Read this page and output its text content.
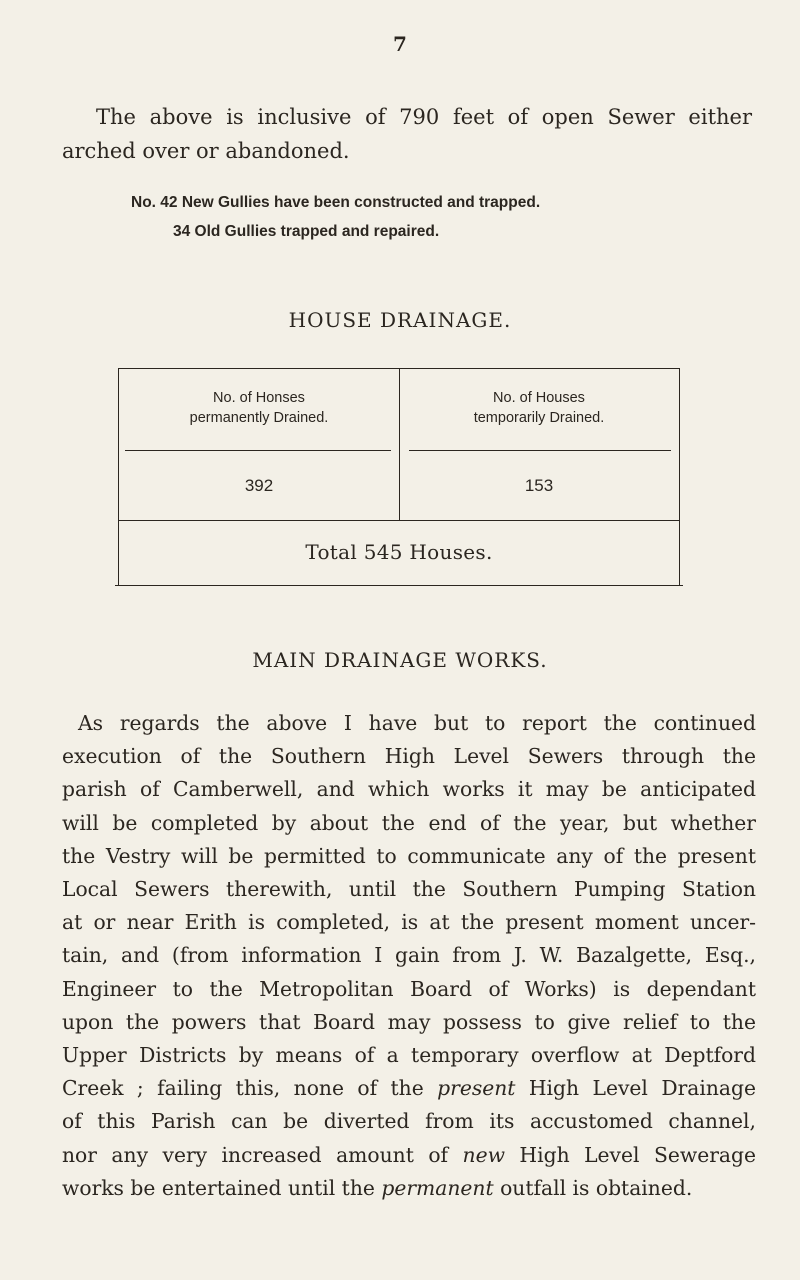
7
The above is inclusive of 790 feet of open Sewer either
arched over or abandoned.
No. 42 New Gullies have been constructed and trapped.
34 Old Gullies trapped and repaired.
HOUSE DRAINAGE.
No. of Honses
permanently Drained.
No. of Houses
temporarily Drained.
392	153
Total 545 Houses.
MAIN DRAINAGE WORKS.
As regards the above I have but to report the continued
execution of the Southern High Level Sewers through the
parish of Camberwell, and which works it may be anticipated
will be completed by about the end of the year, but whether
the Vestry will be permitted to communicate any of the present
Local Sewers therewith, until the Southern Pumping Station
at or near Erith is completed, is at the present moment uncer-
tain, and (from information I gain from J. W. Bazalgette, Esq.,
Engineer to the Metropolitan Board of Works) is dependant
upon the powers that Board may possess to give relief to the
Upper Districts by means of a temporary overflow at Deptford
Creek ; failing this, none of the present High Level Drainage
of this Parish can be diverted from its accustomed channel,
nor any very increased amount of new High Level Sewerage
works be entertained until the permanent outfall is obtained.
